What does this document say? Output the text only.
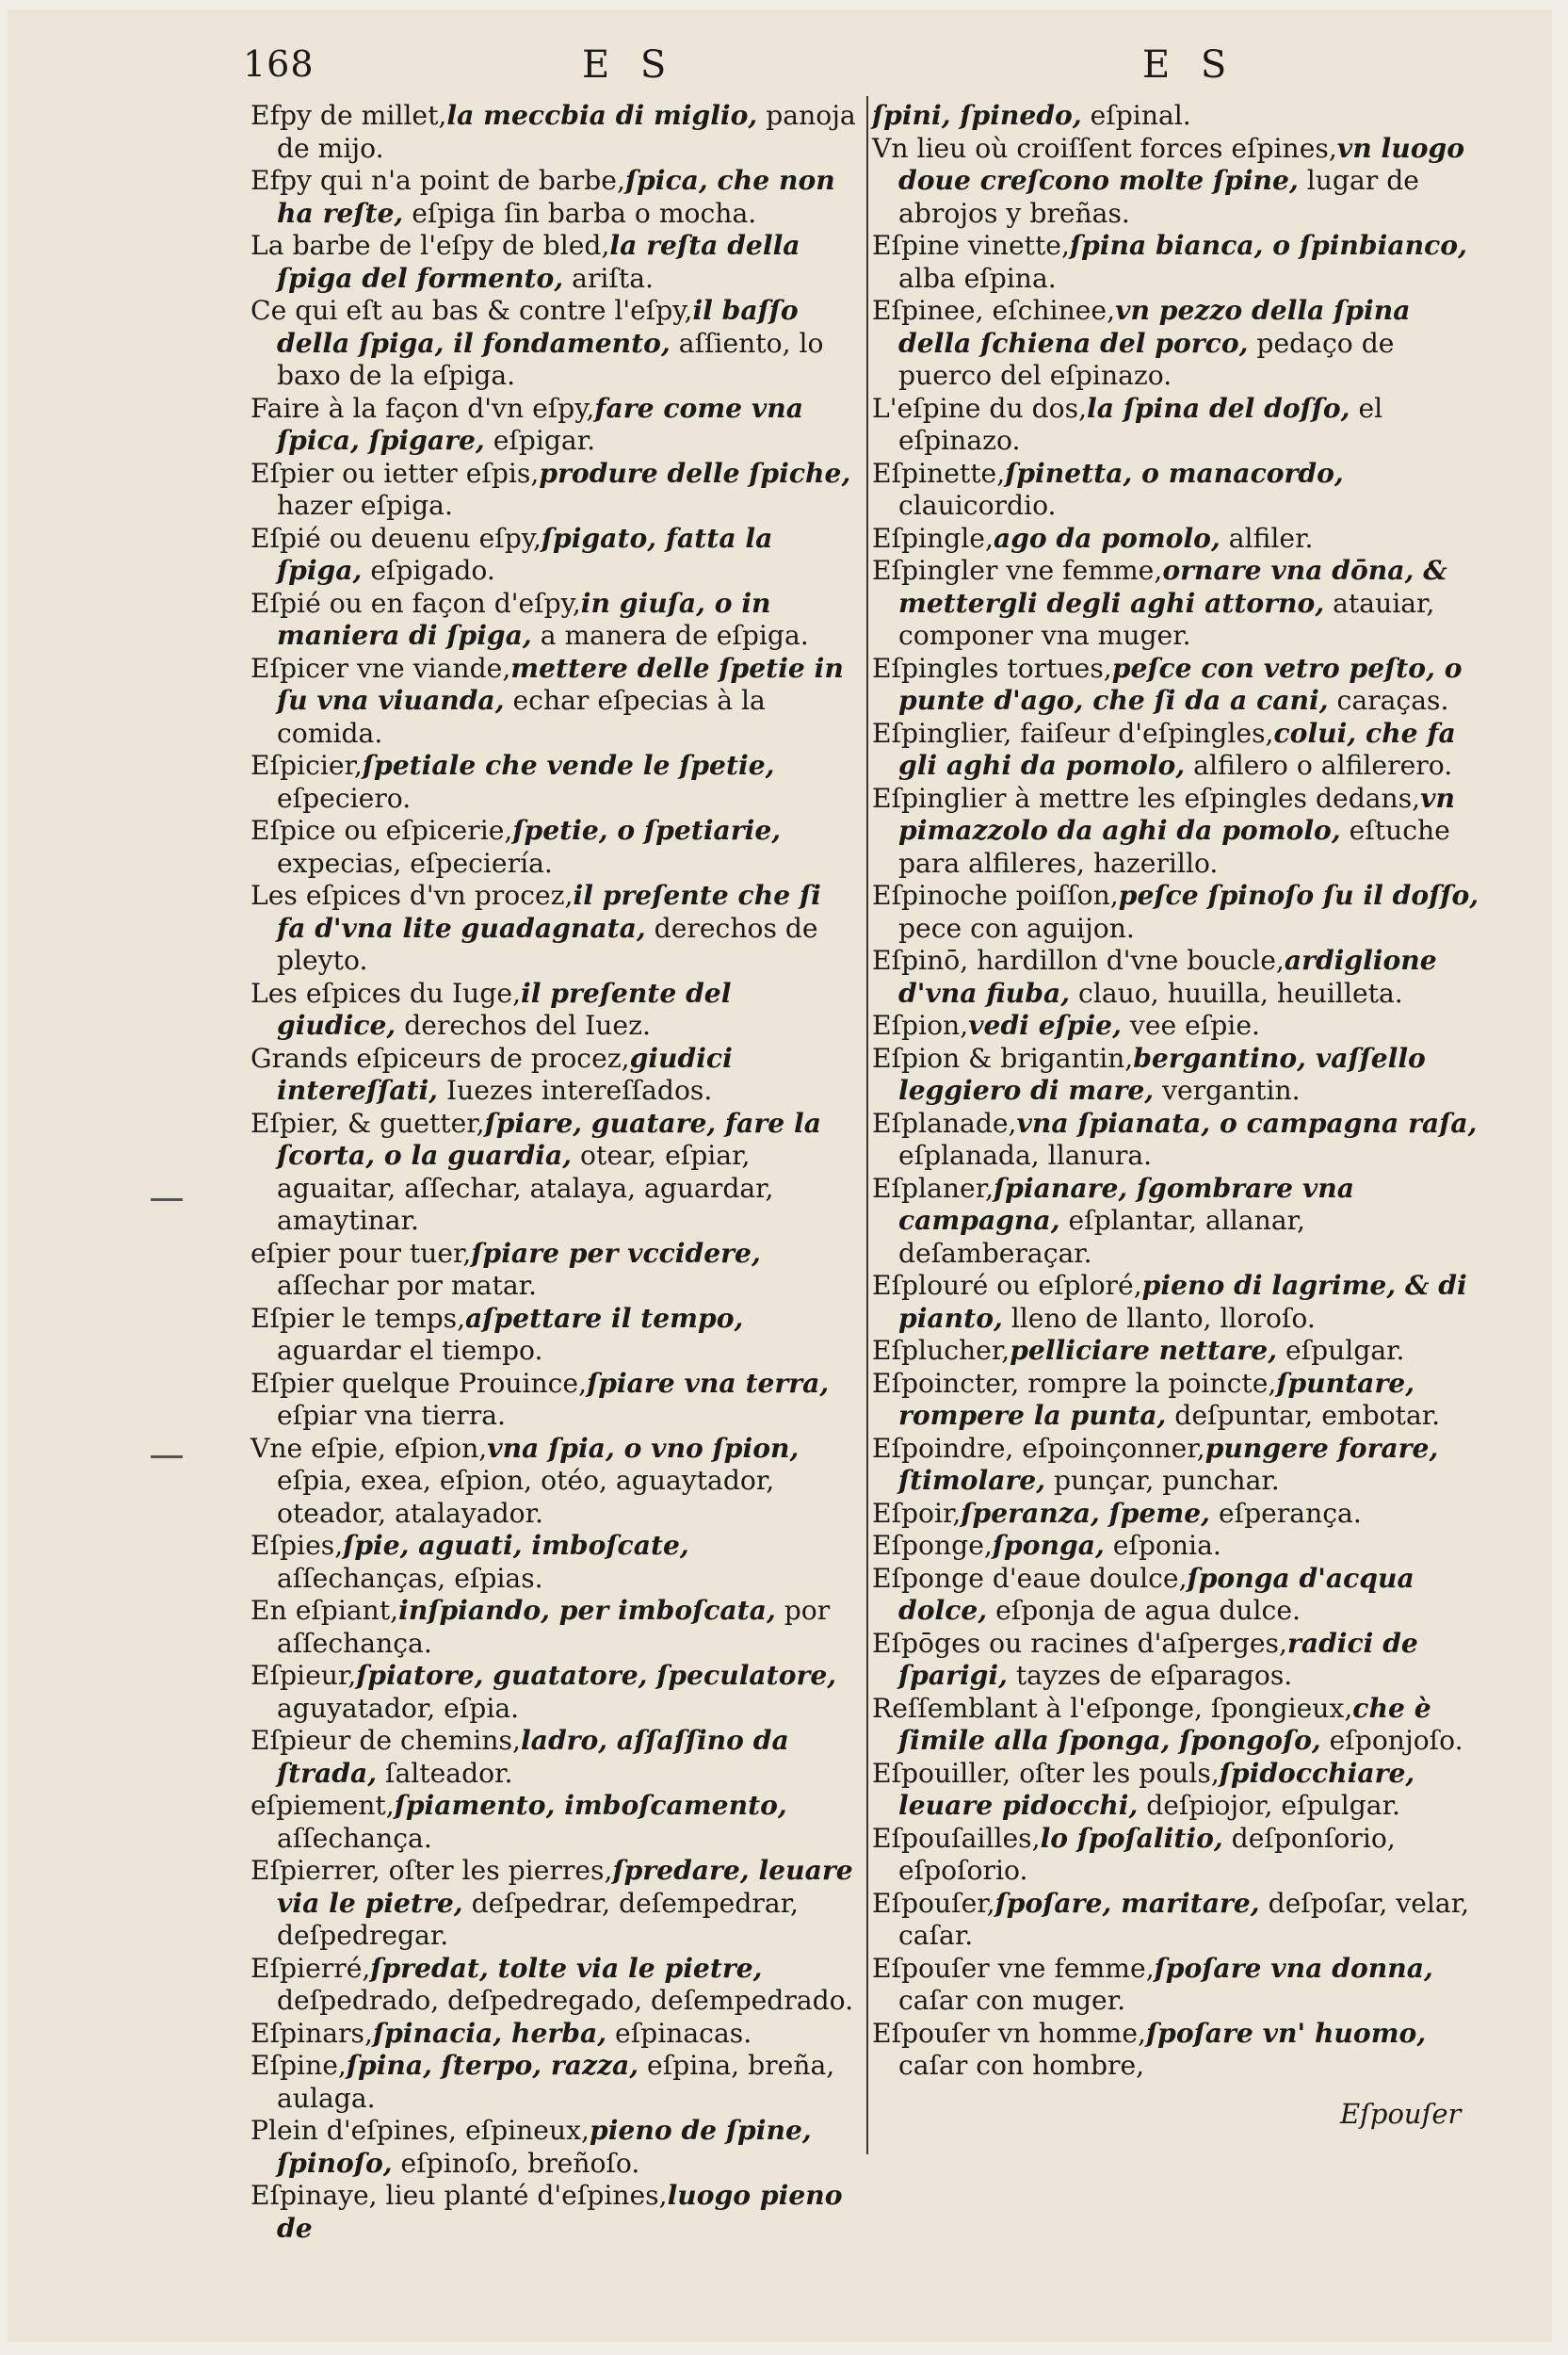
168	E S	E S

Efpy de millet,la meccbia di miglio, panoja de mijo.

Efpy qui n'a point de barbe,ſpica, che non ha reſte, eſpiga ſin barba o mocha.

La barbe de l'eſpy de bled,la reſta della ſpiga del formento, ariſta.

Ce qui eſt au bas & contre l'eſpy,il baſſo della ſpiga, il fondamento, aſſiento, lo baxo de la eſpiga.

Faire à la façon d'vn eſpy,fare come vna ſpica, ſpigare, eſpigar.

Eſpier ou ietter eſpis,produre delle ſpiche, hazer eſpiga.

Eſpié ou deuenu eſpy,ſpigato, fatta la ſpiga, eſpigado.

Eſpié ou en façon d'eſpy,in giuſa, o in maniera di ſpiga, a manera de eſpiga.

Eſpicer vne viande,mettere delle ſpetie in ſu vna viuanda, echar eſpecias à la comida.

Eſpicier,ſpetiale che vende le ſpetie, eſpeciero.

Eſpice ou eſpicerie,ſpetie, o ſpetiarie, expecias, eſpeciería.

Les eſpices d'vn procez,il preſente che ſi fa d'vna lite guadagnata, derechos de pleyto.

Les eſpices du Iuge,il preſente del giudice, derechos del Iuez.

Grands eſpiceurs de procez,giudici intereſſati, Iuezes intereſſados.

Eſpier, & guetter,ſpiare, guatare, fare la ſcorta, o la guardia, otear, eſpiar, aguaitar, aſſechar, atalaya, aguardar, amaytinar.

eſpier pour tuer,ſpiare per vccidere, aſſechar por matar.

Eſpier le temps,aſpettare il tempo, aguardar el tiempo.

Eſpier quelque Prouince,ſpiare vna terra, eſpiar vna tierra.

Vne eſpie, eſpion,vna ſpia, o vno ſpion, eſpia, exea, eſpion, otéo, aguaytador, oteador, atalayador.

Eſpies,ſpie, aguati, imboſcate, aſſechanças, eſpias.

En eſpiant,inſpiando, per imboſcata, por aſſechança.

Eſpieur,ſpiatore, guatatore, ſpeculatore, aguyatador, eſpia.

Eſpieur de chemins,ladro, aſſaſſino da ſtrada, ſalteador.

eſpiement,ſpiamento, imboſcamento, aſſechança.

Eſpierrer, oſter les pierres,ſpredare, leuare via le pietre, deſpedrar, deſempedrar, deſpedregar.

Eſpierré,ſpredat, tolte via le pietre, deſpedrado, deſpedregado, deſempedrado.

Eſpinars,ſpinacia, herba, eſpinacas.

Eſpine,ſpina, ſterpo, razza, eſpina, breña, aulaga.

Plein d'eſpines, eſpineux,pieno de ſpine, ſpinoſo, eſpinoſo, breñoſo.

Eſpinaye, lieu planté d'eſpines,luogo pieno de

ſpini, ſpinedo, eſpinal.

Vn lieu où croiſſent forces eſpines,vn luogo doue creſcono molte ſpine, lugar de abrojos y breñas.

Eſpine vinette,ſpina bianca, o ſpinbianco, alba eſpina.

Eſpinee, eſchinee,vn pezzo della ſpina della ſchiena del porco, pedaço de puerco del eſpinazo.

L'eſpine du dos,la ſpina del doſſo, el eſpinazo.

Eſpinette,ſpinetta, o manacordo, clauicordio.

Eſpingle,ago da pomolo, alfiler.

Eſpingler vne femme,ornare vna dōna, & mettergli degli aghi attorno, atauiar, componer vna muger.

Eſpingles tortues,peſce con vetro peſto, o punte d'ago, che ſi da a cani, caraças.

Eſpinglier, faiſeur d'eſpingles,colui, che fa gli aghi da pomolo, alfilero o alfilerero.

Eſpinglier à mettre les eſpingles dedans,vn pimazzolo da aghi da pomolo, eſtuche para alfileres, hazerillo.

Eſpinoche poiſſon,peſce ſpinoſo ſu il doſſo, pece con aguijon.

Eſpinō, hardillon d'vne boucle,ardiglione d'vna fiuba, clauo, huuilla, heuilleta.

Eſpion,vedi eſpie, vee eſpie.

Eſpion & brigantin,bergantino, vaſſello leggiero di mare, vergantin.

Eſplanade,vna ſpianata, o campagna raſa, eſplanada, llanura.

Eſplaner,ſpianare, ſgombrare vna campagna, eſplantar, allanar, deſamberaçar.

Eſplouré ou eſploré,pieno di lagrime, & di pianto, lleno de llanto, lloroſo.

Eſplucher,pelliciare nettare, eſpulgar.

Eſpoincter, rompre la poincte,ſpuntare, rompere la punta, deſpuntar, embotar.

Eſpoindre, eſpoinçonner,pungere forare, ſtimolare, punçar, punchar.

Eſpoir,ſperanza, ſpeme, eſperança.

Eſponge,ſponga, eſponia.

Eſponge d'eaue doulce,ſponga d'acqua dolce, eſponja de agua dulce.

Eſpōges ou racines d'aſperges,radici de ſparigi, tayzes de eſparagos.

Reſſemblant à l'eſponge, ſpongieux,che è ſimile alla ſponga, ſpongoſo, eſponjoſo.

Eſpouiller, oſter les pouls,ſpidocchiare, leuare pidocchi, deſpiojor, eſpulgar.

Eſpouſailles,lo ſpoſalitio, deſponſorio, eſpoſorio.

Eſpouſer,ſpoſare, maritare, deſpoſar, velar, caſar.

Eſpouſer vne femme,ſpoſare vna donna, caſar con muger.

Eſpouſer vn homme,ſpoſare vn' huomo, caſar con hombre,

Eſpouſer
